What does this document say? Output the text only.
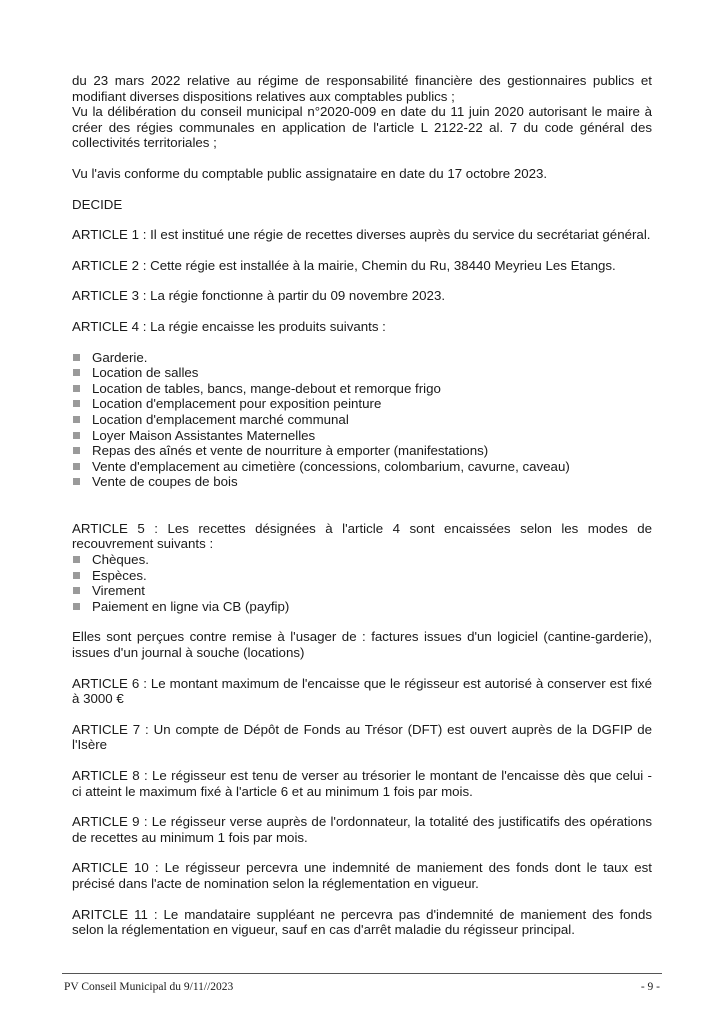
du 23 mars 2022 relative au régime de responsabilité financière des gestionnaires publics et modifiant diverses dispositions relatives aux comptables publics ;

Vu la délibération du conseil municipal n°2020-009 en date du 11 juin 2020 autorisant le maire à créer des régies communales en application de l'article L 2122-22 al. 7 du code général des collectivités territoriales ;

Vu l'avis conforme du comptable public assignataire en date du 17 octobre 2023.

DECIDE

ARTICLE 1 : Il est institué une régie de recettes diverses auprès du service du secrétariat général.

ARTICLE 2 : Cette régie est installée à la mairie, Chemin du Ru, 38440 Meyrieu Les Etangs.

ARTICLE 3 : La régie fonctionne à partir du 09 novembre 2023.

ARTICLE 4 : La régie encaisse les produits suivants :

Garderie.
Location de salles
Location de tables, bancs, mange-debout et remorque frigo
Location d'emplacement pour exposition peinture
Location d'emplacement marché communal
Loyer Maison Assistantes Maternelles
Repas des aînés et vente de nourriture à emporter (manifestations)
Vente d'emplacement au cimetière (concessions, colombarium, cavurne, caveau)
Vente de coupes de bois

ARTICLE 5 : Les recettes désignées à l'article 4 sont encaissées selon les modes de recouvrement suivants :

Chèques.
Espèces.
Virement
Paiement en ligne via CB (payfip)

Elles sont perçues contre remise à l'usager de : factures issues d'un logiciel (cantine-garderie), issues d'un journal à souche (locations)

ARTICLE 6 : Le montant maximum de l'encaisse que le régisseur est autorisé à conserver est fixé à 3000 €

ARTICLE 7 : Un compte de Dépôt de Fonds au Trésor (DFT) est ouvert auprès de la DGFIP de l'Isère

ARTICLE 8 : Le régisseur est tenu de verser au trésorier le montant de l'encaisse dès que celui - ci atteint le maximum fixé à l'article 6 et au minimum 1 fois par mois.

ARTICLE 9 : Le régisseur verse auprès de l'ordonnateur, la totalité des justificatifs des opérations de recettes au minimum 1 fois par mois.

ARTICLE 10 : Le régisseur percevra une indemnité de maniement des fonds dont le taux est précisé dans l'acte de nomination selon la réglementation en vigueur.

ARITCLE 11 : Le mandataire suppléant ne percevra pas d'indemnité de maniement des fonds selon la réglementation en vigueur, sauf en cas d'arrêt maladie du régisseur principal.

PV Conseil Municipal du 9/11//2023	- 9 -
